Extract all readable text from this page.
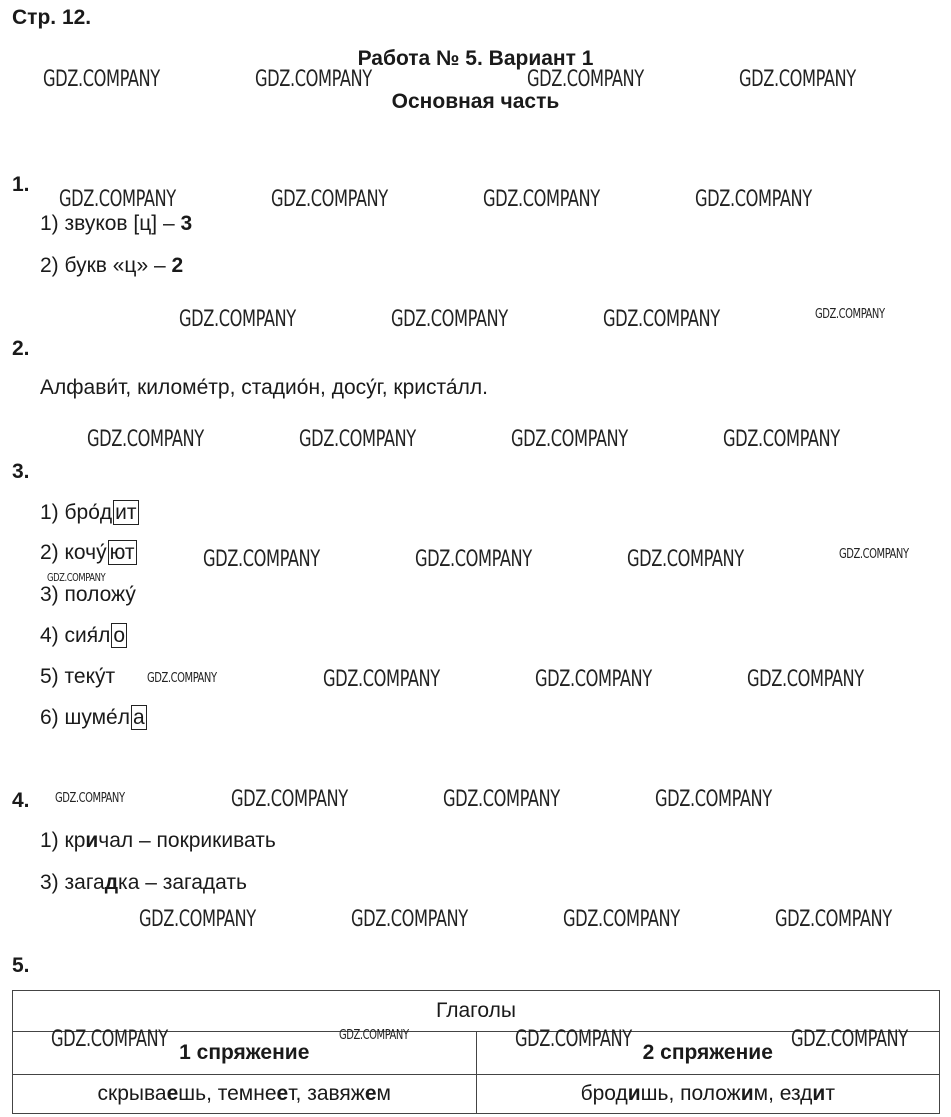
Стр. 12.
Работа № 5. Вариант 1
Основная часть
GDZ.COMPANY	GDZ.COMPANY	GDZ.COMPANY	GDZ.COMPANY
GDZ.COMPANY	GDZ.COMPANY	GDZ.COMPANY	GDZ.COMPANY
GDZ.COMPANY	GDZ.COMPANY	GDZ.COMPANY	GDZ.COMPANY
GDZ.COMPANY	GDZ.COMPANY	GDZ.COMPANY	GDZ.COMPANY
GDZ.COMPANY	GDZ.COMPANY	GDZ.COMPANY	GDZ.COMPANY
GDZ.COMPANY
GDZ.COMPANY	GDZ.COMPANY	GDZ.COMPANY	GDZ.COMPANY
GDZ.COMPANY	GDZ.COMPANY	GDZ.COMPANY	GDZ.COMPANY
GDZ.COMPANY	GDZ.COMPANY	GDZ.COMPANY	GDZ.COMPANY
1.
1) звуков [ц] – 3
2) букв «ц» – 2
2.
Алфави́т, киломе́тр, стадио́н, досу́г, криста́лл.
3.
1) бро́д ит
2) кочу́ ют
3) положу́
4) сия́л о
5) теку́т
6) шуме́л а
4.
1) кричал – покрикивать
3) загадка – загадать
5.
Глаголы	
1 спряжение	2 спряжение
скрываешь, темнеет, завяжем	бродишь, положим, ездит
GDZ.COMPANY	GDZ.COMPANY	GDZ.COMPANY	GDZ.COMPANY
